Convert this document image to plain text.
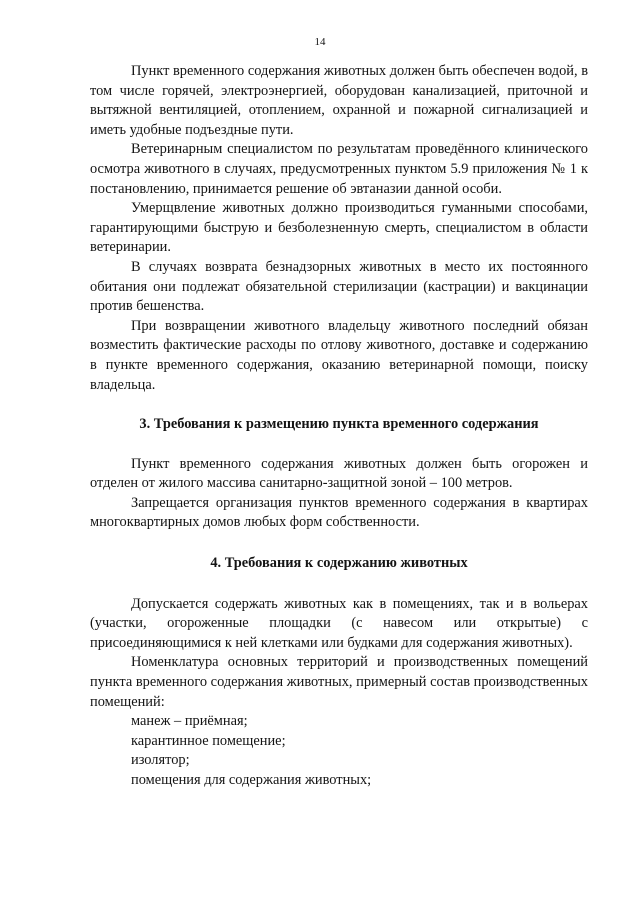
14

Пункт временного содержания животных должен быть обеспечен водой, в том числе горячей, электроэнергией, оборудован канализацией, приточной и вытяжной вентиляцией, отоплением, охранной и пожарной сигнализацией и иметь удобные подъездные пути.

Ветеринарным специалистом по результатам проведённого клинического осмотра животного в случаях, предусмотренных пунктом 5.9 приложения № 1 к постановлению, принимается решение об эвтаназии данной особи.

Умерщвление животных должно производиться гуманными способами, гарантирующими быструю и безболезненную смерть, специалистом в области ветеринарии.

В случаях возврата безнадзорных животных в место их постоянного обитания они подлежат обязательной стерилизации (кастрации) и вакцинации против бешенства.

При возвращении животного владельцу животного последний обязан возместить фактические расходы по отлову животного, доставке и содержанию в пункте временного содержания, оказанию ветеринарной помощи, поиску владельца.

3. Требования к размещению пункта временного содержания

Пункт временного содержания животных должен быть огорожен и отделен от жилого массива санитарно-защитной зоной – 100 метров.

Запрещается организация пунктов временного содержания в квартирах многоквартирных домов любых форм собственности.

4. Требования к содержанию животных

Допускается содержать животных как в помещениях, так и в вольерах (участки, огороженные площадки (с навесом или открытые) с присоединяющимися к ней клетками или будками для содержания животных).

Номенклатура основных территорий и производственных помещений пункта временного содержания животных, примерный состав производственных помещений:

манеж – приёмная;

карантинное помещение;

изолятор;

помещения для содержания животных;
